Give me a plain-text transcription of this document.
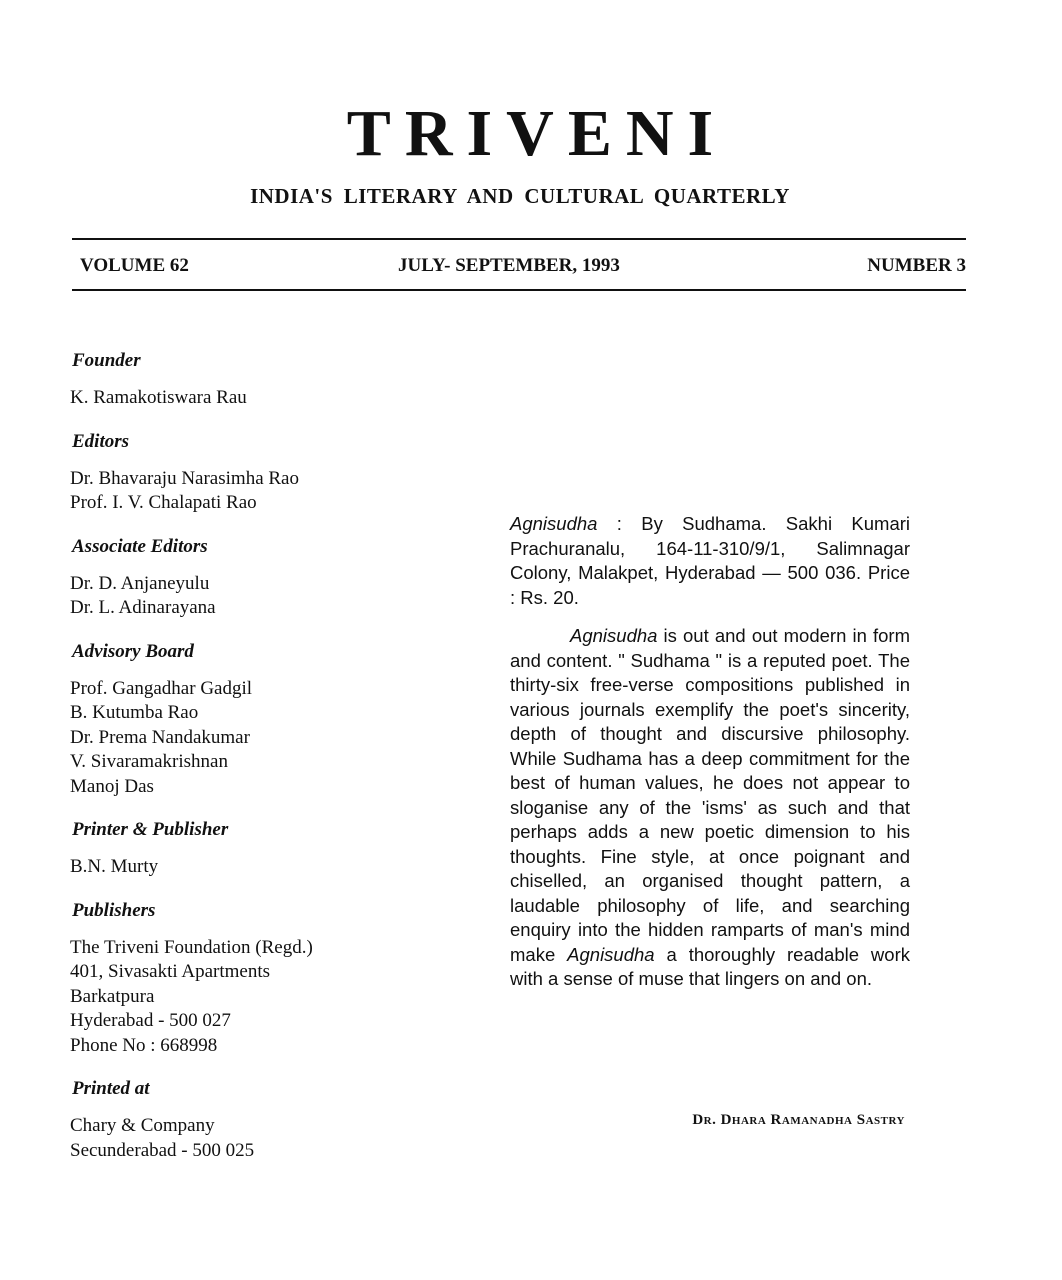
TRIVENI
INDIA'S LITERARY AND CULTURAL QUARTERLY
VOLUME 62	JULY- SEPTEMBER, 1993	NUMBER 3
Founder
K. Ramakotiswara Rau
Editors
Dr. Bhavaraju Narasimha Rao
Prof. I. V. Chalapati Rao
Associate Editors
Dr. D. Anjaneyulu
Dr. L. Adinarayana
Advisory Board
Prof. Gangadhar Gadgil
B. Kutumba Rao
Dr. Prema Nandakumar
V. Sivaramakrishnan
Manoj Das
Printer & Publisher
B.N. Murty
Publishers
The Triveni Foundation (Regd.)
401, Sivasakti Apartments
Barkatpura
Hyderabad - 500 027
Phone No : 668998
Printed at
Chary & Company
Secunderabad - 500 025

Agnisudha : By Sudhama. Sakhi Kumari Prachuranalu, 164-11-310/9/1, Salimnagar Colony, Malakpet, Hyderabad — 500 036. Price : Rs. 20.

Agnisudha is out and out modern in form and content. " Sudhama " is a reputed poet. The thirty-six free-verse compositions published in various journals exemplify the poet's sincerity, depth of thought and discursive philosophy. While Sudhama has a deep commitment for the best of human values, he does not appear to sloganise any of the 'isms' as such and that perhaps adds a new poetic dimension to his thoughts. Fine style, at once poignant and chiselled, an organised thought pattern, a laudable philosophy of life, and searching enquiry into the hidden ramparts of man's mind make Agnisudha a thoroughly readable work with a sense of muse that lingers on and on.

Dr. Dhara Ramanadha Sastry
